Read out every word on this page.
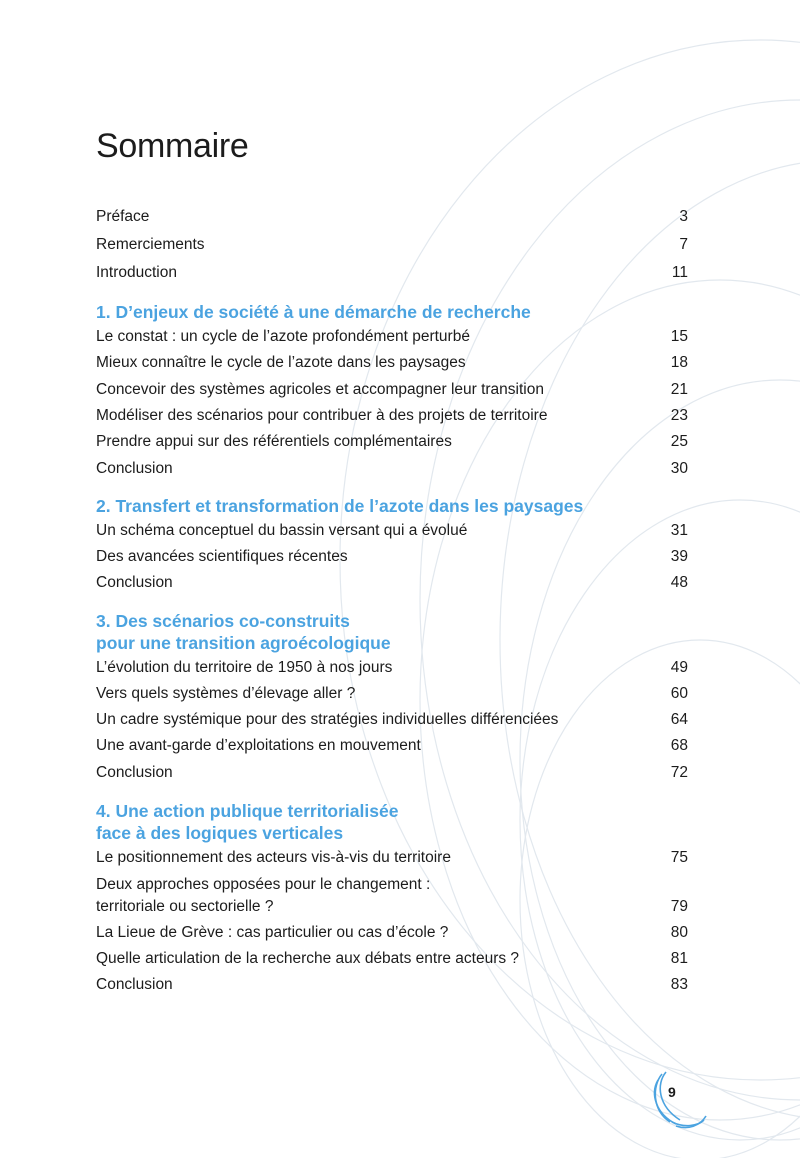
Sommaire
Préface	3
Remerciements	7
Introduction	11
1. D’enjeux de société à une démarche de recherche
Le constat : un cycle de l’azote profondément perturbé	15
Mieux connaître le cycle de l’azote dans les paysages	18
Concevoir des systèmes agricoles et accompagner leur transition	21
Modéliser des scénarios pour contribuer à des projets de territoire	23
Prendre appui sur des référentiels complémentaires	25
Conclusion	30
2. Transfert et transformation de l’azote dans les paysages
Un schéma conceptuel du bassin versant qui a évolué	31
Des avancées scientifiques récentes	39
Conclusion	48
3. Des scénarios co-construits
pour une transition agroécologique
L’évolution du territoire de 1950 à nos jours	49
Vers quels systèmes d’élevage aller ?	60
Un cadre systémique pour des stratégies individuelles différenciées	64
Une avant-garde d’exploitations en mouvement	68
Conclusion	72
4. Une action publique territorialisée
face à des logiques verticales
Le positionnement des acteurs vis-à-vis du territoire	75
Deux approches opposées pour le changement :
territoriale ou sectorielle ?	79
La Lieue de Grève : cas particulier ou cas d’école ?	80
Quelle articulation de la recherche aux débats entre acteurs ?	81
Conclusion	83
9
